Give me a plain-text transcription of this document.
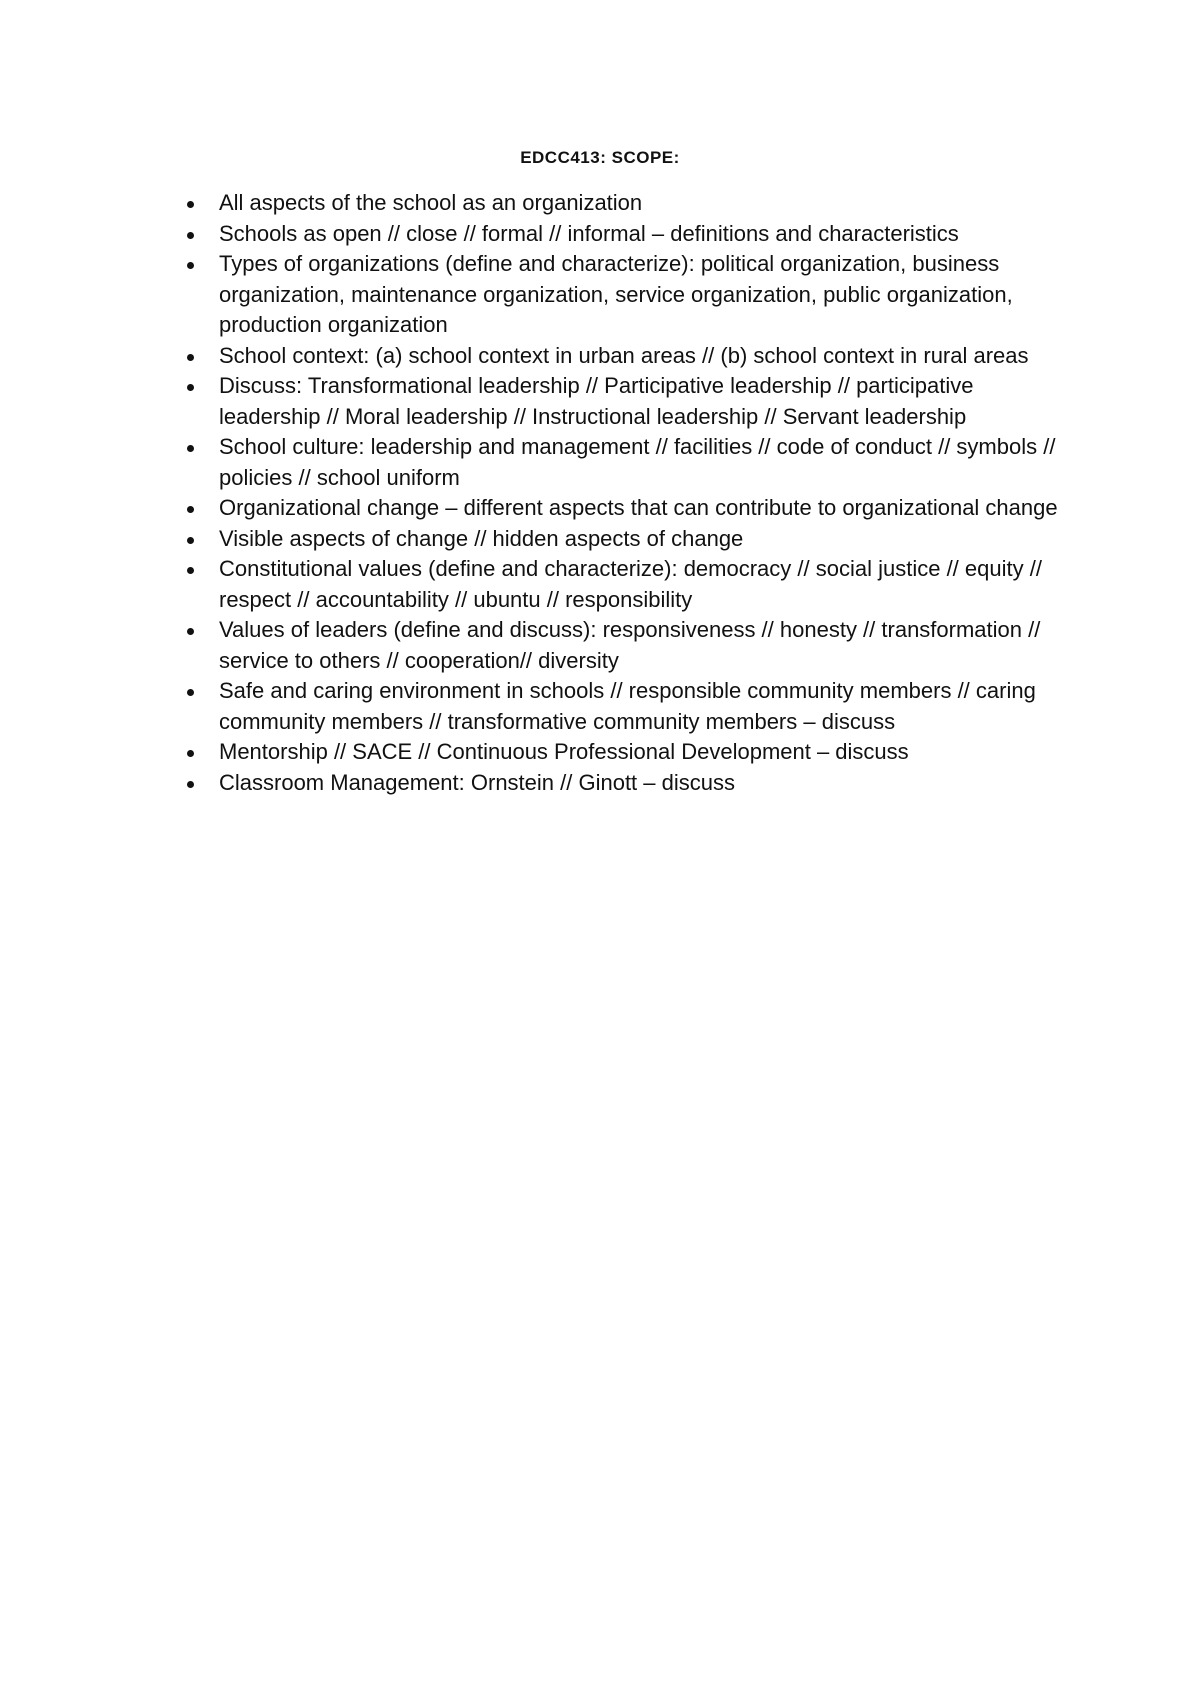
EDCC413: SCOPE:
All aspects of the school as an organization
Schools as open // close // formal // informal – definitions and characteristics
Types of organizations (define and characterize): political organization, business organization, maintenance organization, service organization, public organization, production organization
School context: (a) school context in urban areas // (b) school context in rural areas
Discuss: Transformational leadership // Participative leadership // participative leadership // Moral leadership // Instructional leadership // Servant leadership
School culture: leadership and management // facilities // code of conduct // symbols // policies // school uniform
Organizational change – different aspects that can contribute to organizational change
Visible aspects of change // hidden aspects of change
Constitutional values (define and characterize): democracy // social justice // equity // respect // accountability // ubuntu // responsibility
Values of leaders (define and discuss): responsiveness // honesty // transformation // service to others // cooperation// diversity
Safe and caring environment in schools // responsible community members // caring community members // transformative community members – discuss
Mentorship // SACE // Continuous Professional Development – discuss
Classroom Management: Ornstein // Ginott – discuss
